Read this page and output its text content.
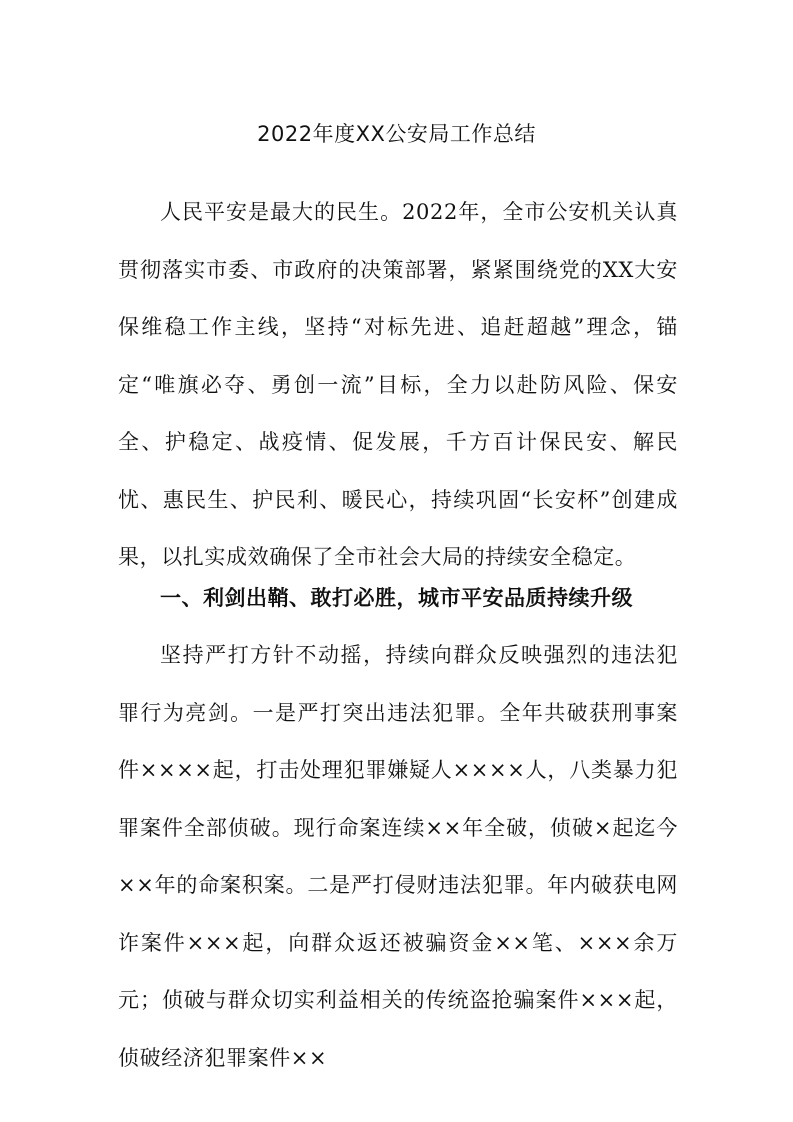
2022年度XX公安局工作总结

人民平安是最大的民生。2022年，全市公安机关认真贯彻落实市委、市政府的决策部署，紧紧围绕党的XX大安保维稳工作主线，坚持“对标先进、追赶超越”理念，锚定“唯旗必夺、勇创一流”目标，全力以赴防风险、保安全、护稳定、战疫情、促发展，千方百计保民安、解民忧、惠民生、护民利、暖民心，持续巩固“长安杯”创建成果，以扎实成效确保了全市社会大局的持续安全稳定。

一、利剑出鞘、敢打必胜，城市平安品质持续升级

坚持严打方针不动摇，持续向群众反映强烈的违法犯罪行为亮剑。一是严打突出违法犯罪。全年共破获刑事案件××××起，打击处理犯罪嫌疑人××××人，八类暴力犯罪案件全部侦破。现行命案连续××年全破，侦破×起迄今××年的命案积案。二是严打侵财违法犯罪。年内破获电网诈案件×××起，向群众返还被骗资金××笔、×××余万元；侦破与群众切实利益相关的传统盗抢骗案件×××起，侦破经济犯罪案件××
